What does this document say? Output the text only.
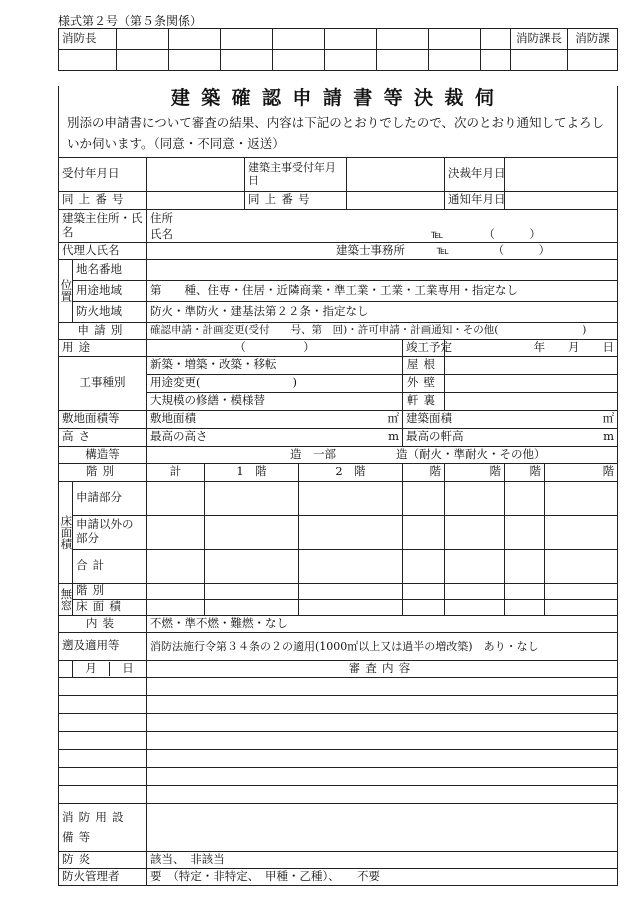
様式第２号（第５条関係）
消防長									消防課長	消防課

建築確認申請書等決裁伺										
別添の申請書について審査の結果、内容は下記のとおりでしたので、次のとおり通知してよろしいか伺います。（同意・不同意・返送）										
受付年月日				建築主事受付年月日				決裁年月日		
同上番号				同上番号				通知年月日		
建築主住所・氏名		住所
氏名 ℡ （　　　）								

代理人氏名		建築士事務所 ℡ （　　　）								
位置	地名番地									
	用途地域	第　　種、住専・住居・近隣商業・準工業・工業・工業専用・指定なし								
	防火地域	防火・準防火・建基法第２２条・指定なし								
申請別		確認申請・計画変更(受付　　号、第　回)・許可申請・計画通知・その他(　　　　　　　　)								
用途		（　　　　　）					竣工予定	年　　月　　日		
工事種別		新築・増築・改築・移転					屋根			
		用途変更(　　　　　　　　)					外壁			
		大規模の修繕・模様替					軒裏			
敷地面積等		敷地面積 ㎡					建築面積 ㎡			

高さ		最高の高さ m					最高の軒高 m			

構造等		造　一部 造（耐火・準耐火・その他）								
階別		計	1　階		2　階		階	階	階	階
床面積	申請部分									
	申請以外の部分									
	合計									
無窓	階別									
	床面積									
内装		不燃・準不燃・難燃・なし								
遡及適用等		消防法施行令第３４条の２の適用(1000㎡以上又は過半の増改築)　あり・なし								

	月 日	審査内容								

消防用設備等										
防炎		該当、　非該当								
防火管理者		要　（特定・非特定、　甲種・乙種）、　　不要								
